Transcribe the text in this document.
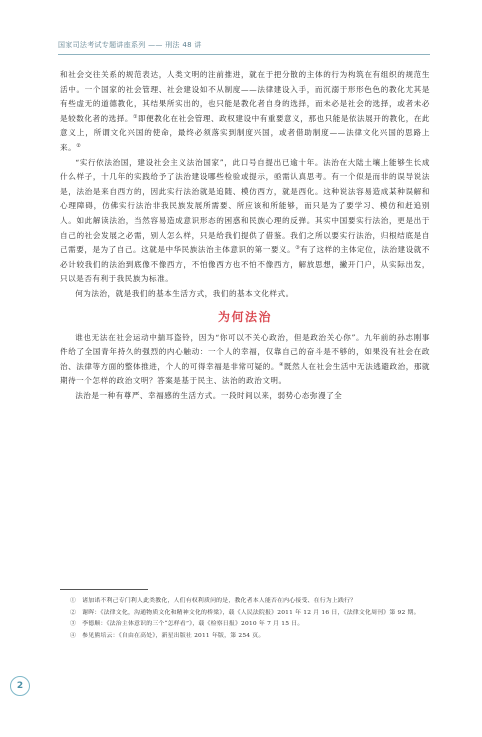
国家司法考试专题讲座系列 —— 刑法 48 讲

和社会交往关系的规范表达，人类文明的注前推进，就在于把分散的主体的行为构筑在有组织的规范生活中。一个国家的社会管理、社会建设如不从制度——法律建设入手，而沉溺于形形色色的教化尤其是有些虚无的道德教化，其结果所实出的，也只能是教化者自身的选择，而未必是社会的选择，或者未必是较数化者的选择。①即便教化在社会管理、政权建设中有重要意义，那也只能是依法展开的教化，在此意义上，所谓文化兴国的使命，最终必须落实到制度兴国，或者借助制度——法律文化兴国的思路上来。②

“实行依法治国，建设社会主义法治国家”，此口号自提出已逾十年。法治在大陆土壤上能够生长成什么样子，十几年的实践给予了法治建设哪些检验或提示，亟需认真思考。有一个似是而非的误导说法是，法治是来自西方的，因此实行法治就是追随、模仿西方，就是西化。这种说法容易造成某种误解和心理障碍，仿佛实行法治非我民族发展所需要、所应该和所能够，而只是为了要学习、模仿和赶追别人。如此解读法治，当然容易造成意识形态的困惑和民族心理的反弹。其实中国要实行法治，更是出于自己的社会发展之必需，别人怎么样，只是给我们提供了借鉴。我们之所以要实行法治，归根结底是自己需要，是为了自己。这就是中华民族法治主体意识的第一要义。③有了这样的主体定位，法治建设就不必计较我们的法治到底像不像西方，不怕像西方也不怕不像西方，解放思想，撇开门户，从实际出发，只以是否有利于我民族为标准。

何为法治，就是我们的基本生活方式，我们的基本文化样式。

为何法治

谁也无法在社会运动中揣耳盗铃，因为“你可以不关心政治，但是政治关心你”。九年前的孙志刚事件给了全国青年持久的强烈的内心触动：一个人的幸福，仅靠自己的奋斗是不够的，如果没有社会在政治、法律等方面的整体推进，个人的可得幸福是非常可疑的。④既然人在社会生活中无法逃避政治，那就期待一个怎样的政治文明？答案是基于民主、法治的政治文明。

法治是一种有尊严、幸福感的生活方式。一段时间以来，弱势心态弥漫了全

①　诸加诺不利己专门利人此类教化，人们有权利质问的是，教化者本人能否在内心接受、在行为上践行？

②　谢晖：《法律文化，沟通物质文化和精神文化的桥梁》，载《人民法院报》2011 年 12 月 16 日，《法律文化周刊》第 92 期。

③　李德顺：《法治主体意识的三个“怎样看”》，载《检察日报》2010 年 7 月 15 日。

④　参见熊培云：《自由在高处》，新星出版社 2011 年版，第 254 页。

2
